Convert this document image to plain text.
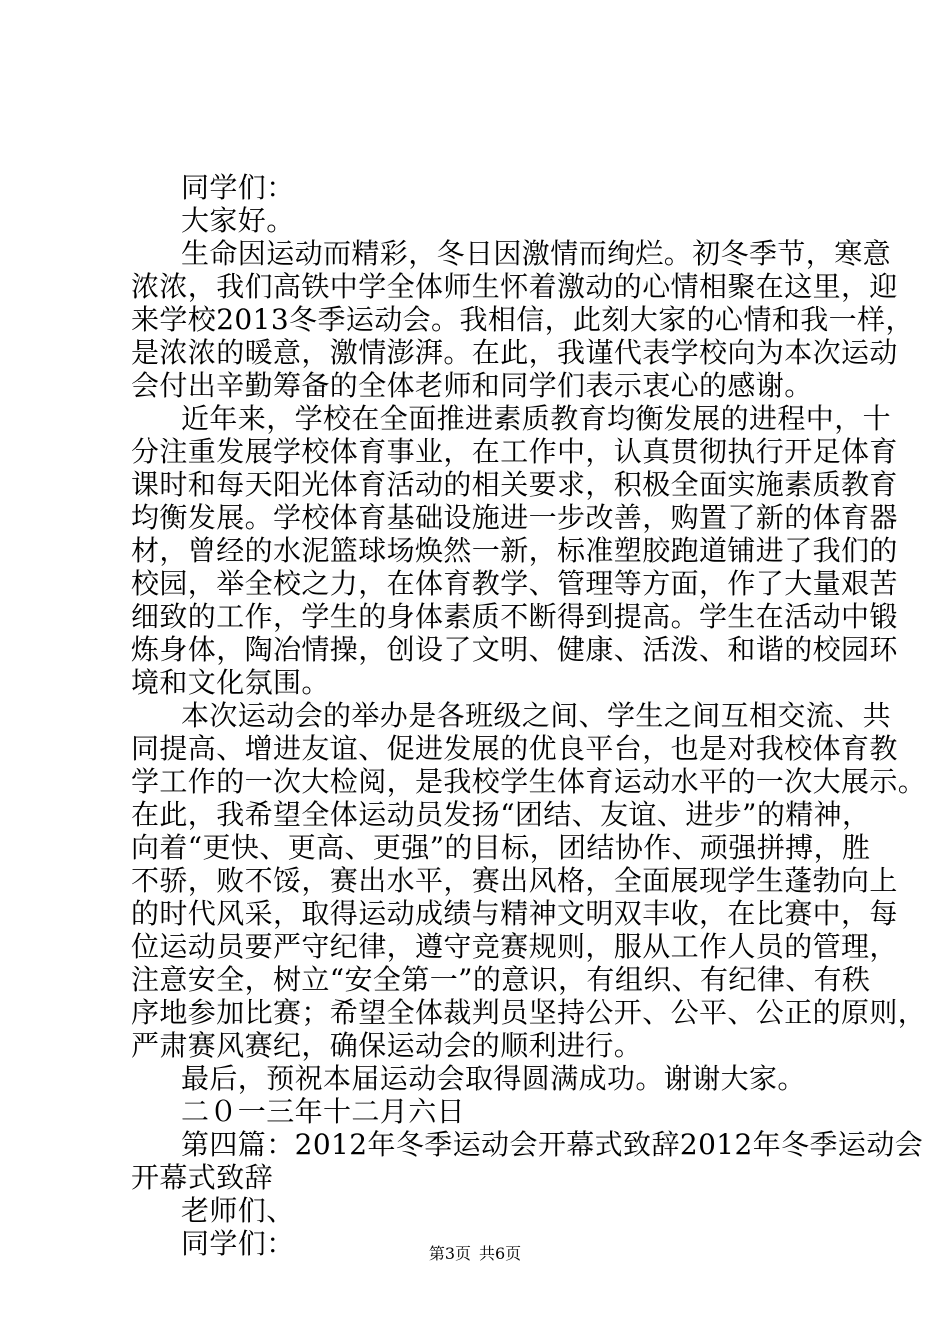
同学们：
大家好。
生命因运动而精彩，冬日因激情而绚烂。初冬季节，寒意
浓浓，我们高铁中学全体师生怀着激动的心情相聚在这里，迎
来学校2013冬季运动会。我相信，此刻大家的心情和我一样，
是浓浓的暖意，激情澎湃。在此，我谨代表学校向为本次运动
会付出辛勤筹备的全体老师和同学们表示衷心的感谢。
近年来，学校在全面推进素质教育均衡发展的进程中，十
分注重发展学校体育事业，在工作中，认真贯彻执行开足体育
课时和每天阳光体育活动的相关要求，积极全面实施素质教育
均衡发展。学校体育基础设施进一步改善，购置了新的体育器
材，曾经的水泥篮球场焕然一新，标准塑胶跑道铺进了我们的
校园，举全校之力，在体育教学、管理等方面，作了大量艰苦
细致的工作，学生的身体素质不断得到提高。学生在活动中锻
炼身体，陶冶情操，创设了文明、健康、活泼、和谐的校园环
境和文化氛围。
本次运动会的举办是各班级之间、学生之间互相交流、共
同提高、增进友谊、促进发展的优良平台，也是对我校体育教
学工作的一次大检阅，是我校学生体育运动水平的一次大展示。
在此，我希望全体运动员发扬“团结、友谊、进步”的精神，
向着“更快、更高、更强”的目标，团结协作、顽强拼搏，胜
不骄，败不馁，赛出水平，赛出风格，全面展现学生蓬勃向上
的时代风采，取得运动成绩与精神文明双丰收，在比赛中，每
位运动员要严守纪律，遵守竞赛规则，服从工作人员的管理，
注意安全，树立“安全第一”的意识，有组织、有纪律、有秩
序地参加比赛；希望全体裁判员坚持公开、公平、公正的原则，
严肃赛风赛纪，确保运动会的顺利进行。
最后，预祝本届运动会取得圆满成功。谢谢大家。
二０一三年十二月六日
第四篇：2012年冬季运动会开幕式致辞2012年冬季运动会
开幕式致辞
老师们、
同学们：	第3页 共6页
